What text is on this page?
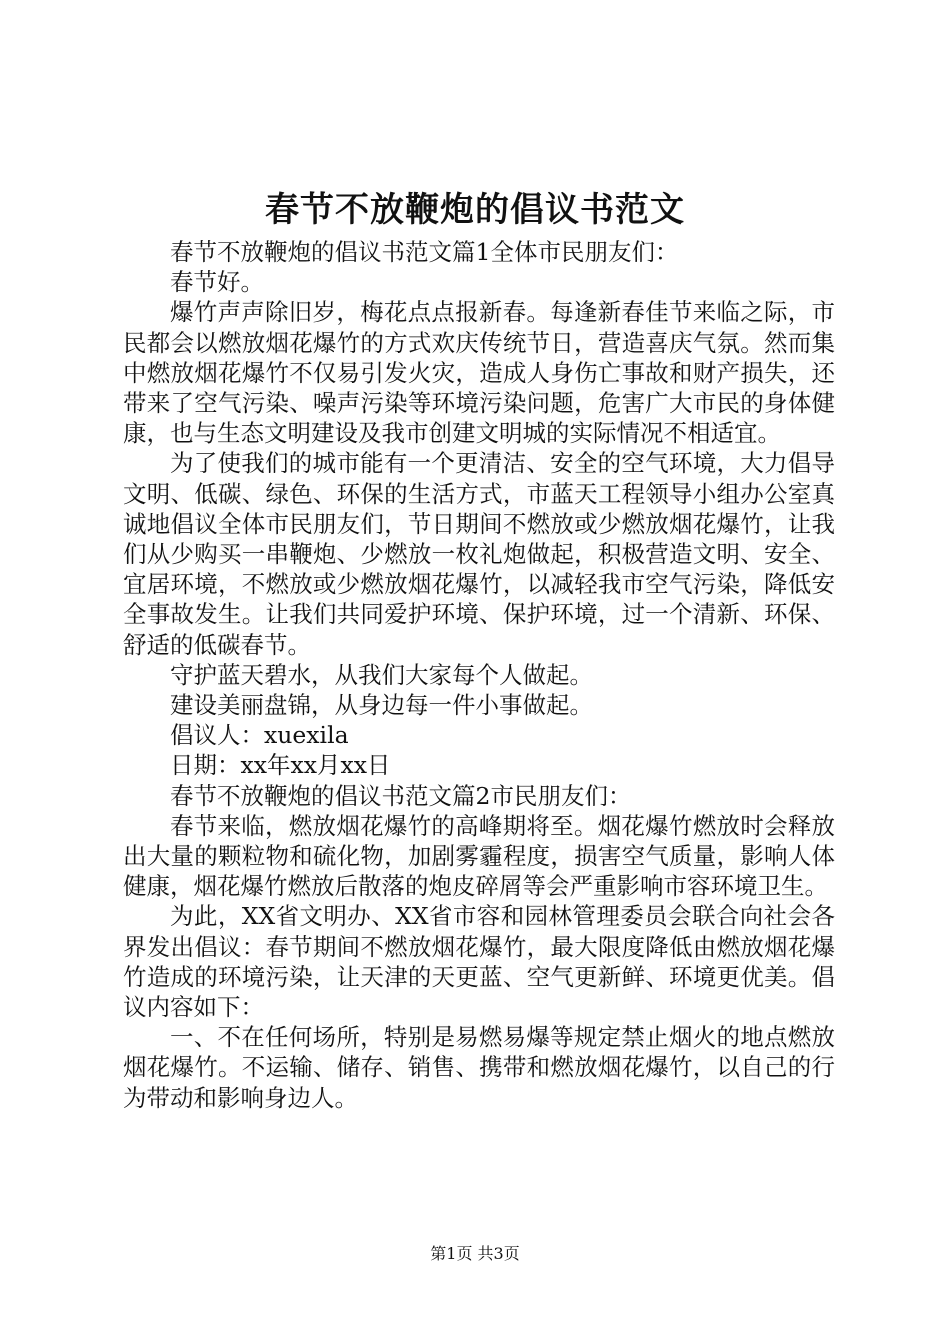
春节不放鞭炮的倡议书范文

春节不放鞭炮的倡议书范文篇1全体市民朋友们：

春节好。

爆竹声声除旧岁，梅花点点报新春。每逢新春佳节来临之际，市民都会以燃放烟花爆竹的方式欢庆传统节日，营造喜庆气氛。然而集中燃放烟花爆竹不仅易引发火灾，造成人身伤亡事故和财产损失，还带来了空气污染、噪声污染等环境污染问题，危害广大市民的身体健康，也与生态文明建设及我市创建文明城的实际情况不相适宜。

为了使我们的城市能有一个更清洁、安全的空气环境，大力倡导文明、低碳、绿色、环保的生活方式，市蓝天工程领导小组办公室真诚地倡议全体市民朋友们，节日期间不燃放或少燃放烟花爆竹，让我们从少购买一串鞭炮、少燃放一枚礼炮做起，积极营造文明、安全、宜居环境，不燃放或少燃放烟花爆竹，以减轻我市空气污染，降低安全事故发生。让我们共同爱护环境、保护环境，过一个清新、环保、舒适的低碳春节。

守护蓝天碧水，从我们大家每个人做起。

建设美丽盘锦，从身边每一件小事做起。

倡议人：xuexila

日期：xx年xx月xx日

春节不放鞭炮的倡议书范文篇2市民朋友们：

春节来临，燃放烟花爆竹的高峰期将至。烟花爆竹燃放时会释放出大量的颗粒物和硫化物，加剧雾霾程度，损害空气质量，影响人体健康，烟花爆竹燃放后散落的炮皮碎屑等会严重影响市容环境卫生。

为此，XX省文明办、XX省市容和园林管理委员会联合向社会各界发出倡议：春节期间不燃放烟花爆竹，最大限度降低由燃放烟花爆竹造成的环境污染，让天津的天更蓝、空气更新鲜、环境更优美。倡议内容如下：

一、不在任何场所，特别是易燃易爆等规定禁止烟火的地点燃放烟花爆竹。不运输、储存、销售、携带和燃放烟花爆竹，以自己的行为带动和影响身边人。

第1页 共3页
